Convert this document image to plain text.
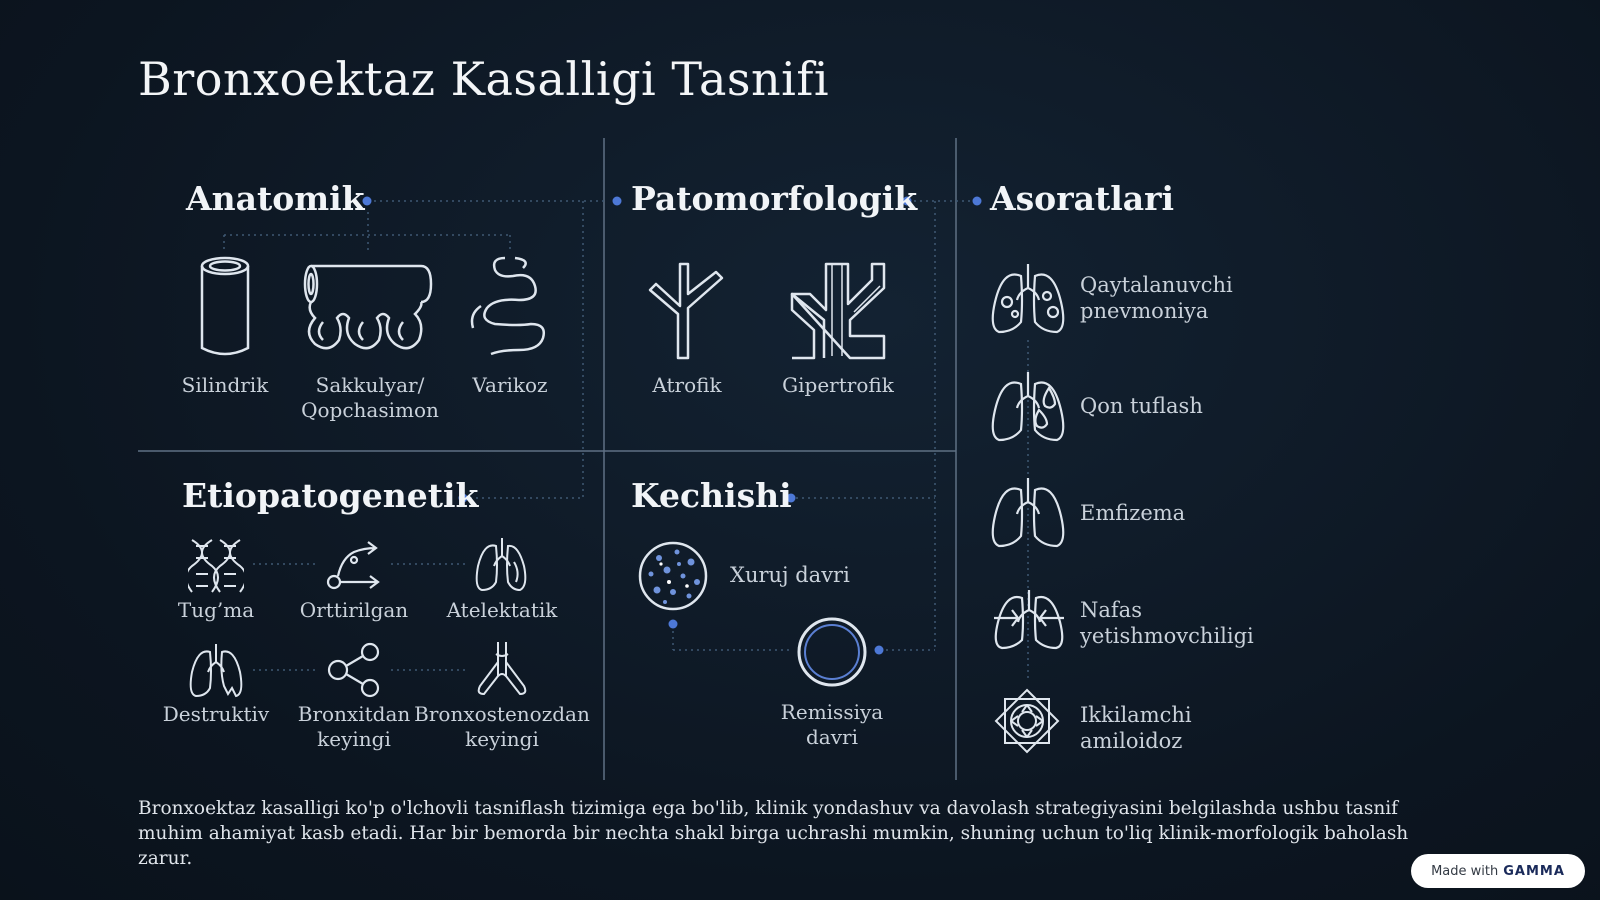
Bronxoektaz Kasalligi Tasnifi
Anatomik	Patomorfologik Asoratlari
Etiopatogenetik	Kechishi
Silindrik	Sakkulyar/
Qopchasimon
Varikoz	Atrofik	Gipertrofik
Qaytalanuvchi
pnevmoniya
Qon tuflash
Emfizema
Nafas
yetishmovchiligi
Ikkilamchi
amiloidoz
Tug’ma	Orttirilgan Atelektatik
Destruktiv	Bronxitdan
keyingi
Bronxostenozdan
keyingi
Xuruj davri
Remissiya
davri
Bronxoektaz kasalligi ko'p o'lchovli tasniflash tizimiga ega bo'lib, klinik yondashuv va davolash strategiyasini belgilashda ushbu tasnif muhim ahamiyat kasb etadi. Har bir bemorda bir nechta shakl birga uchrashi mumkin, shuning uchun to'liq klinik-morfologik baholash zarur.
Made with GAMMA
